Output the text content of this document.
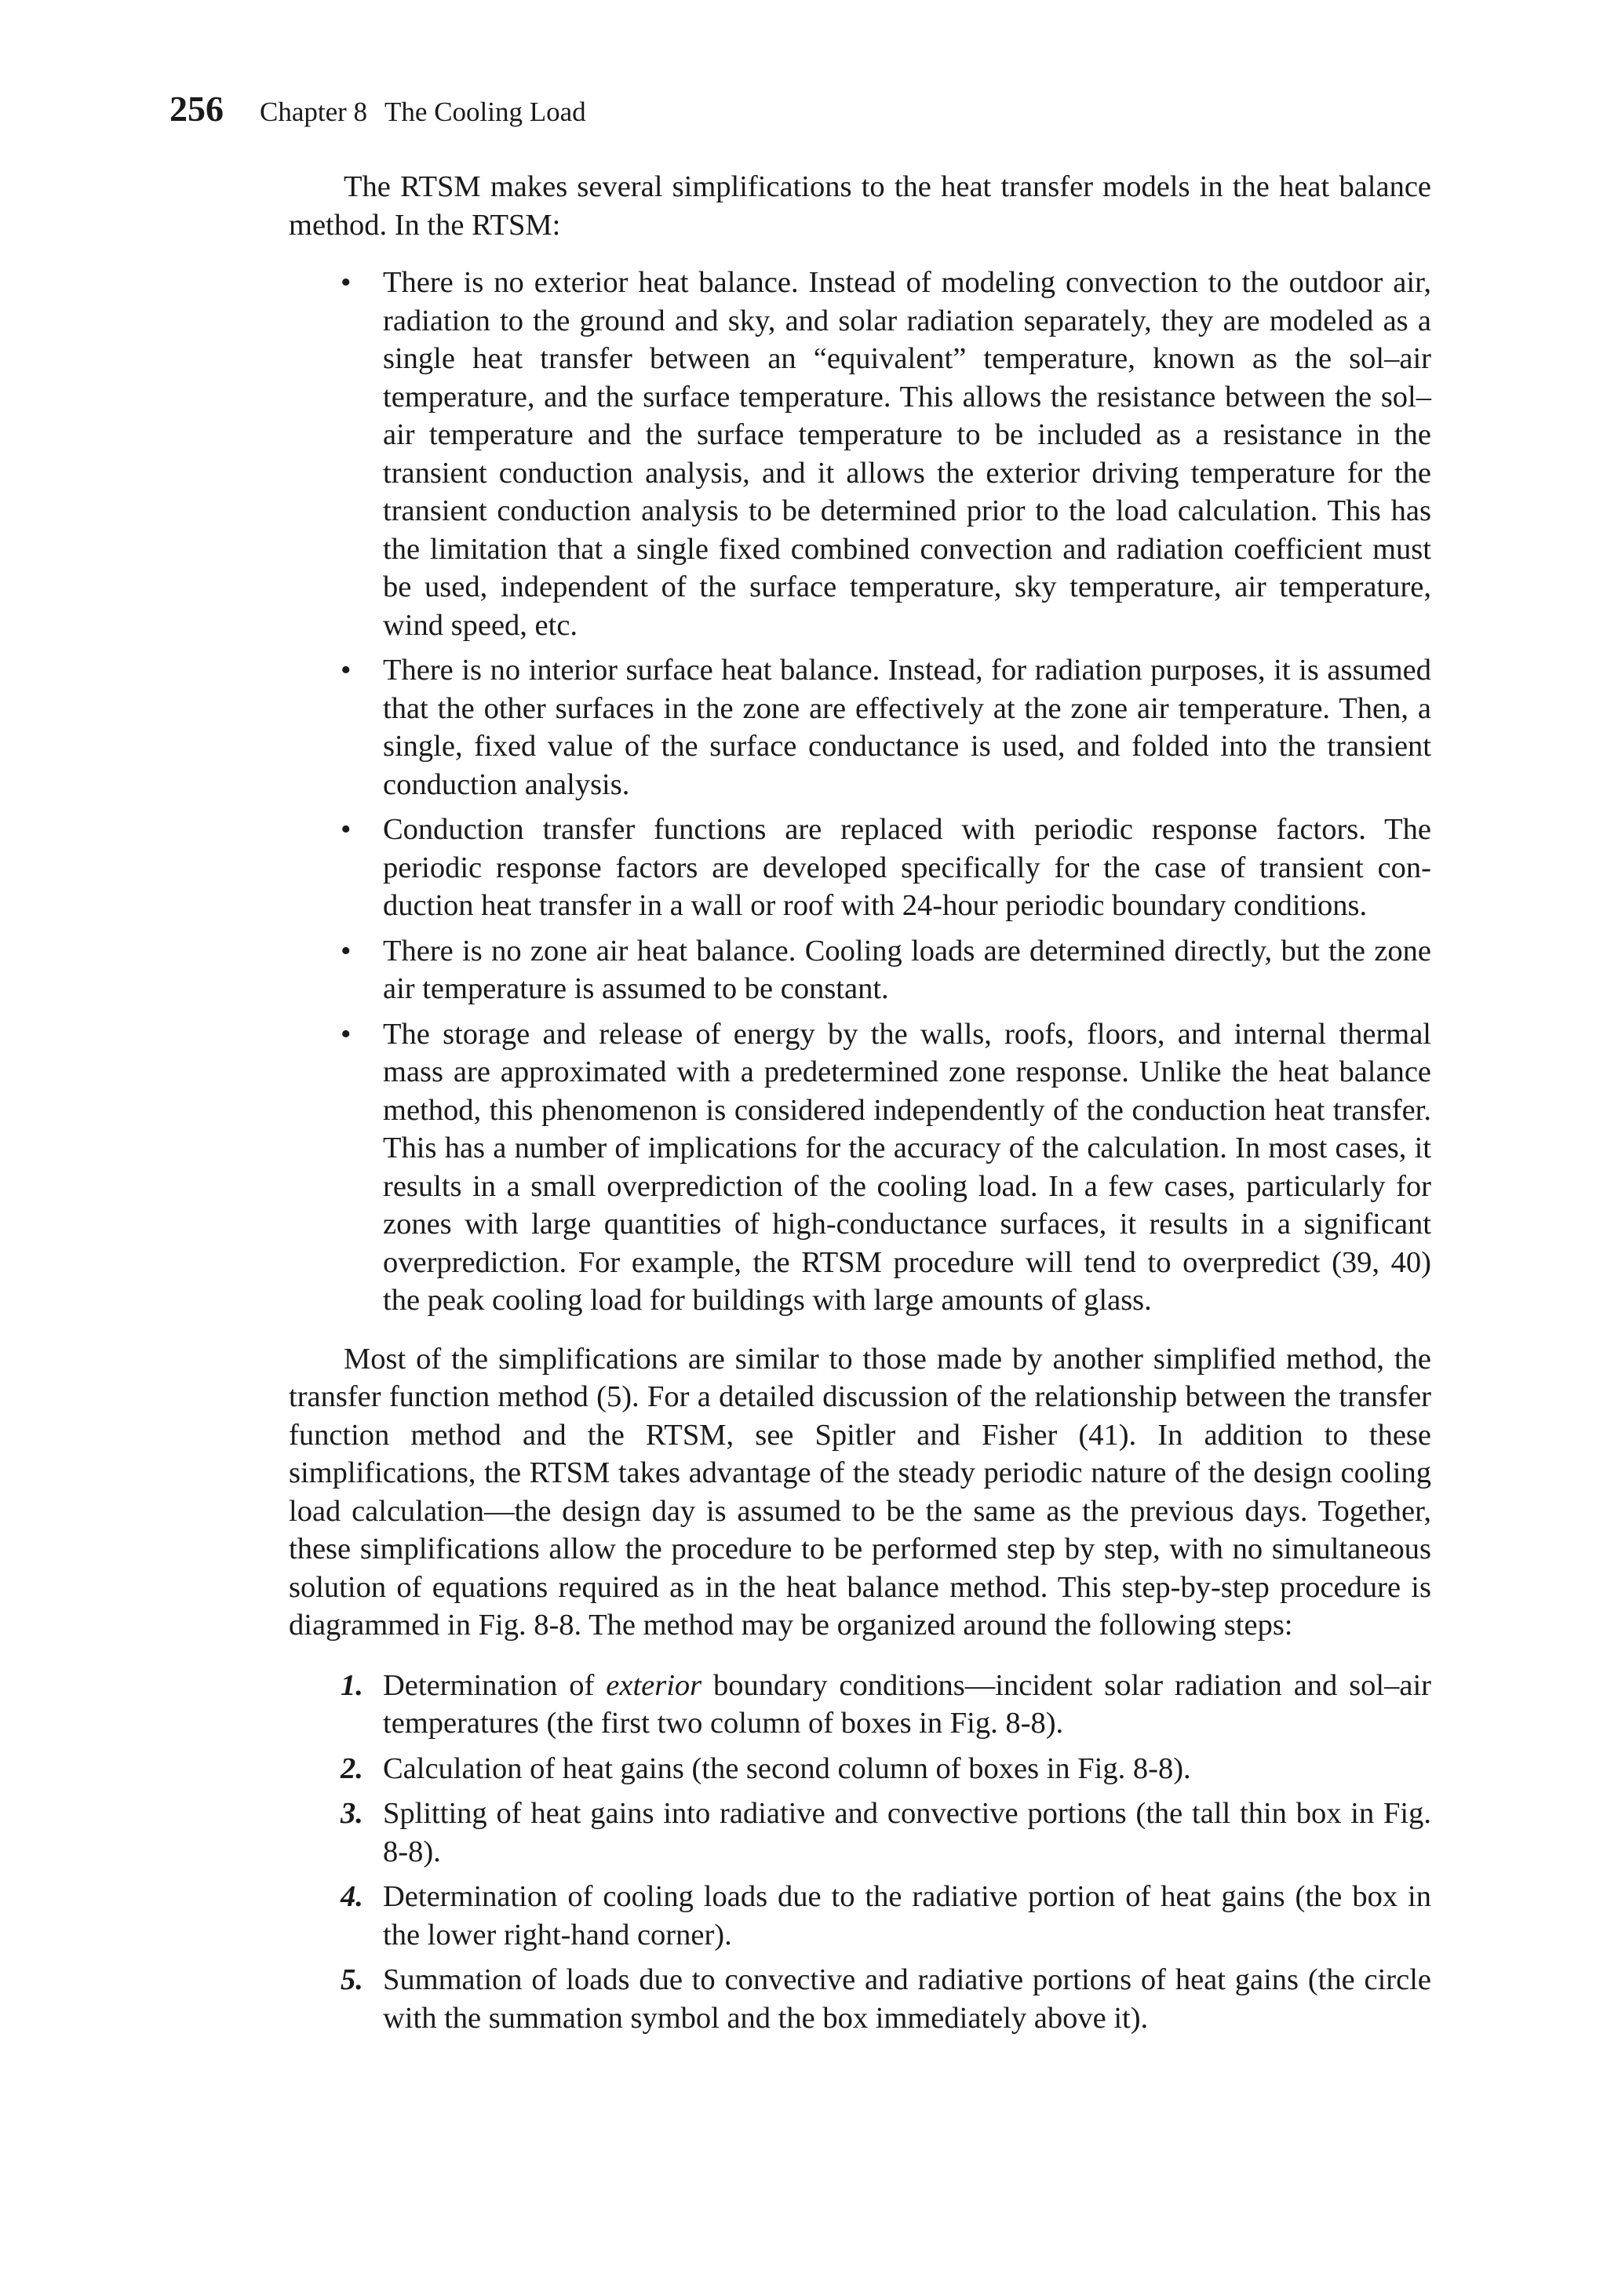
256 Chapter 8 The Cooling Load

The RTSM makes several simplifications to the heat transfer models in the heat balance method. In the RTSM:

• There is no exterior heat balance. Instead of modeling convection to the outdoor air, radiation to the ground and sky, and solar radiation separately, they are modeled as a single heat transfer between an “equivalent” temperature, known as the sol–air temperature, and the surface temperature. This allows the resistance between the sol–air temperature and the surface temperature to be included as a resistance in the transient conduction analysis, and it allows the exterior driving temperature for the transient conduction analysis to be determined prior to the load calculation. This has the limitation that a single fixed combined convection and radiation coefficient must be used, independent of the surface temperature, sky temperature, air temperature, wind speed, etc.
• There is no interior surface heat balance. Instead, for radiation purposes, it is assumed that the other surfaces in the zone are effectively at the zone air temperature. Then, a single, fixed value of the surface conductance is used, and folded into the transient conduction analysis.
• Conduction transfer functions are replaced with periodic response factors. The periodic response factors are developed specifically for the case of transient conduction heat transfer in a wall or roof with 24-hour periodic boundary conditions.
• There is no zone air heat balance. Cooling loads are determined directly, but the zone air temperature is assumed to be constant.
• The storage and release of energy by the walls, roofs, floors, and internal thermal mass are approximated with a predetermined zone response. Unlike the heat balance method, this phenomenon is considered independently of the conduction heat transfer. This has a number of implications for the accuracy of the calculation. In most cases, it results in a small overprediction of the cooling load. In a few cases, particularly for zones with large quantities of high-conductance surfaces, it results in a significant overprediction. For example, the RTSM procedure will tend to overpredict (39, 40) the peak cooling load for buildings with large amounts of glass.

Most of the simplifications are similar to those made by another simplified method, the transfer function method (5). For a detailed discussion of the relationship between the transfer function method and the RTSM, see Spitler and Fisher (41). In addition to these simplifications, the RTSM takes advantage of the steady periodic nature of the design cooling load calculation—the design day is assumed to be the same as the previous days. Together, these simplifications allow the procedure to be performed step by step, with no simultaneous solution of equations required as in the heat balance method. This step-by-step procedure is diagrammed in Fig. 8-8. The method may be organized around the following steps:

1. Determination of exterior boundary conditions—incident solar radiation and sol–air temperatures (the first two column of boxes in Fig. 8-8).
2. Calculation of heat gains (the second column of boxes in Fig. 8-8).
3. Splitting of heat gains into radiative and convective portions (the tall thin box in Fig. 8-8).
4. Determination of cooling loads due to the radiative portion of heat gains (the box in the lower right-hand corner).
5. Summation of loads due to convective and radiative portions of heat gains (the circle with the summation symbol and the box immediately above it).
